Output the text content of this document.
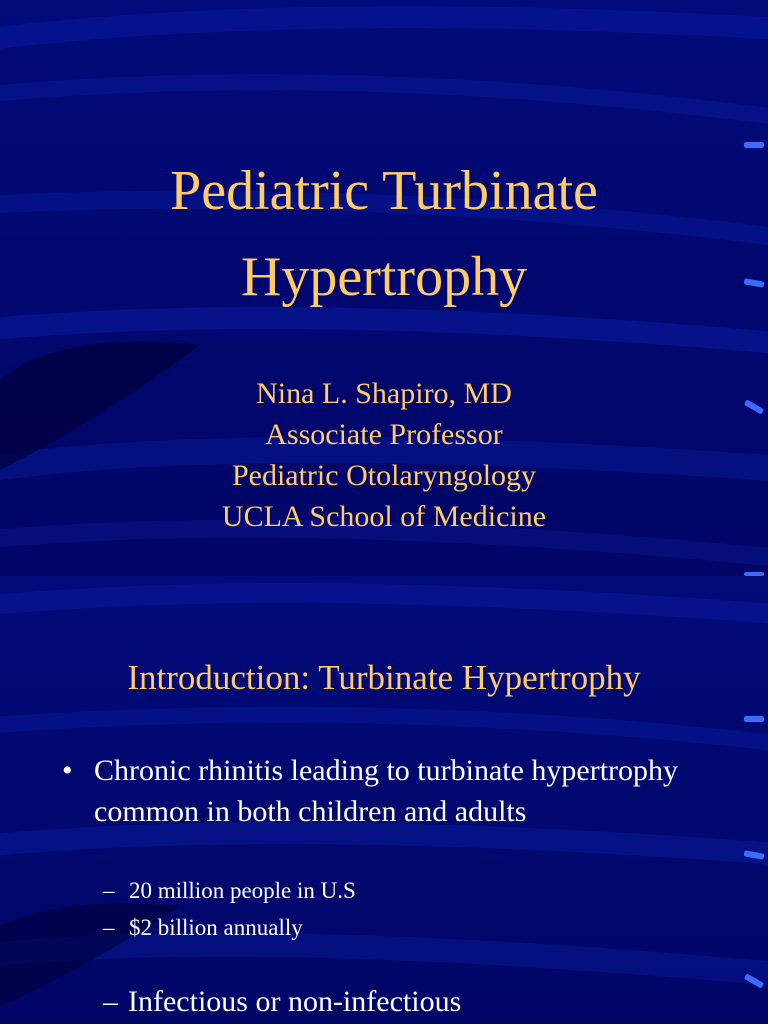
Pediatric Turbinate
Hypertrophy
Nina L. Shapiro, MD
Associate Professor
Pediatric Otolaryngology
UCLA School of Medicine
Introduction: Turbinate Hypertrophy
• Chronic rhinitis leading to turbinate hypertrophy common in both children and adults
– 20 million people in U.S
– $2 billion annually
– Infectious or non-infectious
